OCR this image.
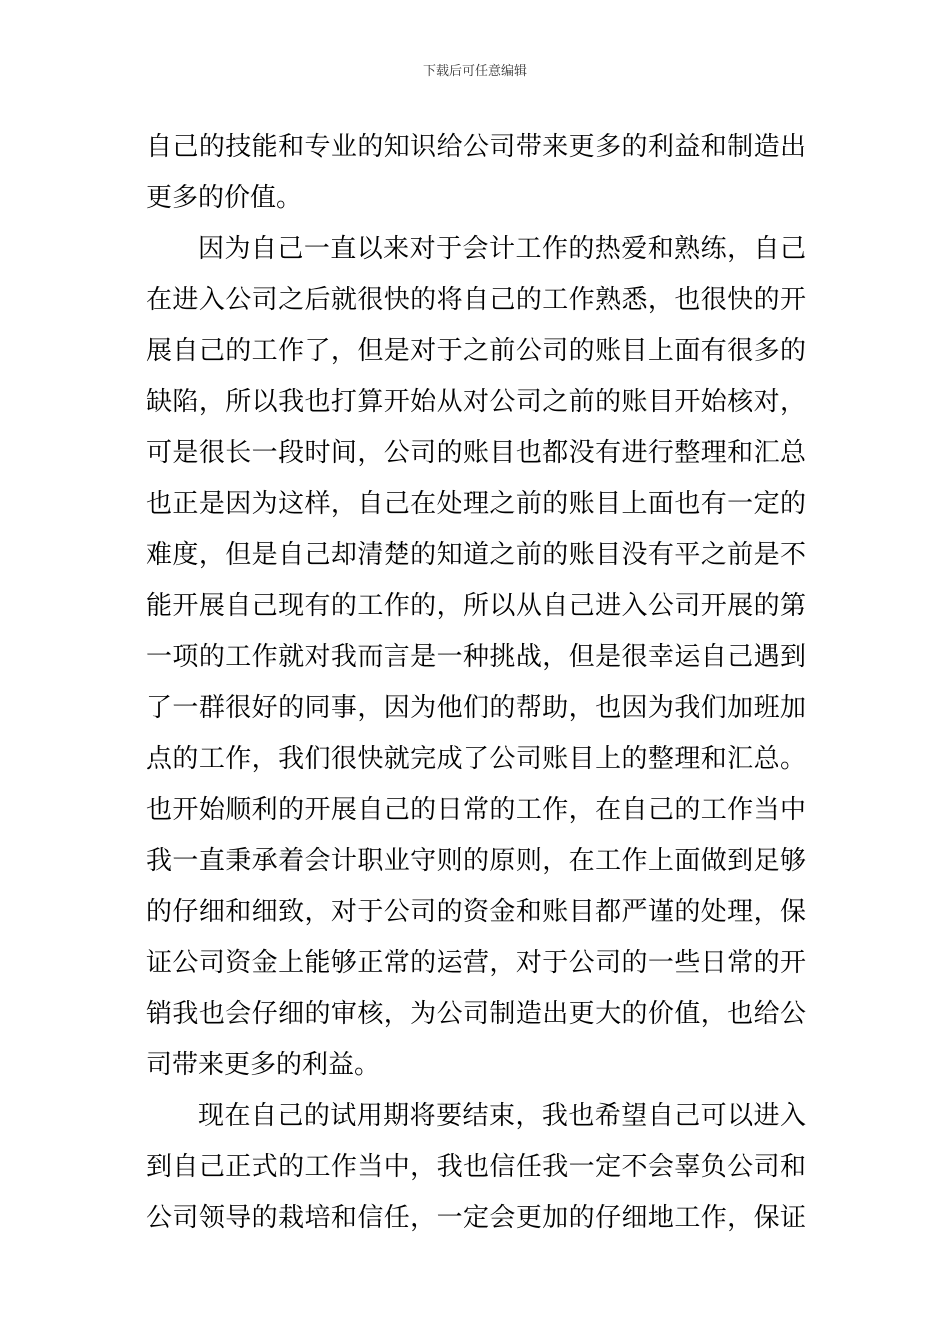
下载后可任意编辑
自己的技能和专业的知识给公司带来更多的利益和制造出
更多的价值。
因为自己一直以来对于会计工作的热爱和熟练，自己
在进入公司之后就很快的将自己的工作熟悉，也很快的开
展自己的工作了，但是对于之前公司的账目上面有很多的
缺陷，所以我也打算开始从对公司之前的账目开始核对，
可是很长一段时间，公司的账目也都没有进行整理和汇总
也正是因为这样，自己在处理之前的账目上面也有一定的
难度，但是自己却清楚的知道之前的账目没有平之前是不
能开展自己现有的工作的，所以从自己进入公司开展的第
一项的工作就对我而言是一种挑战，但是很幸运自己遇到
了一群很好的同事，因为他们的帮助，也因为我们加班加
点的工作，我们很快就完成了公司账目上的整理和汇总。
也开始顺利的开展自己的日常的工作，在自己的工作当中
我一直秉承着会计职业守则的原则，在工作上面做到足够
的仔细和细致，对于公司的资金和账目都严谨的处理，保
证公司资金上能够正常的运营，对于公司的一些日常的开
销我也会仔细的审核，为公司制造出更大的价值，也给公
司带来更多的利益。
现在自己的试用期将要结束，我也希望自己可以进入
到自己正式的工作当中，我也信任我一定不会辜负公司和
公司领导的栽培和信任，一定会更加的仔细地工作，保证
